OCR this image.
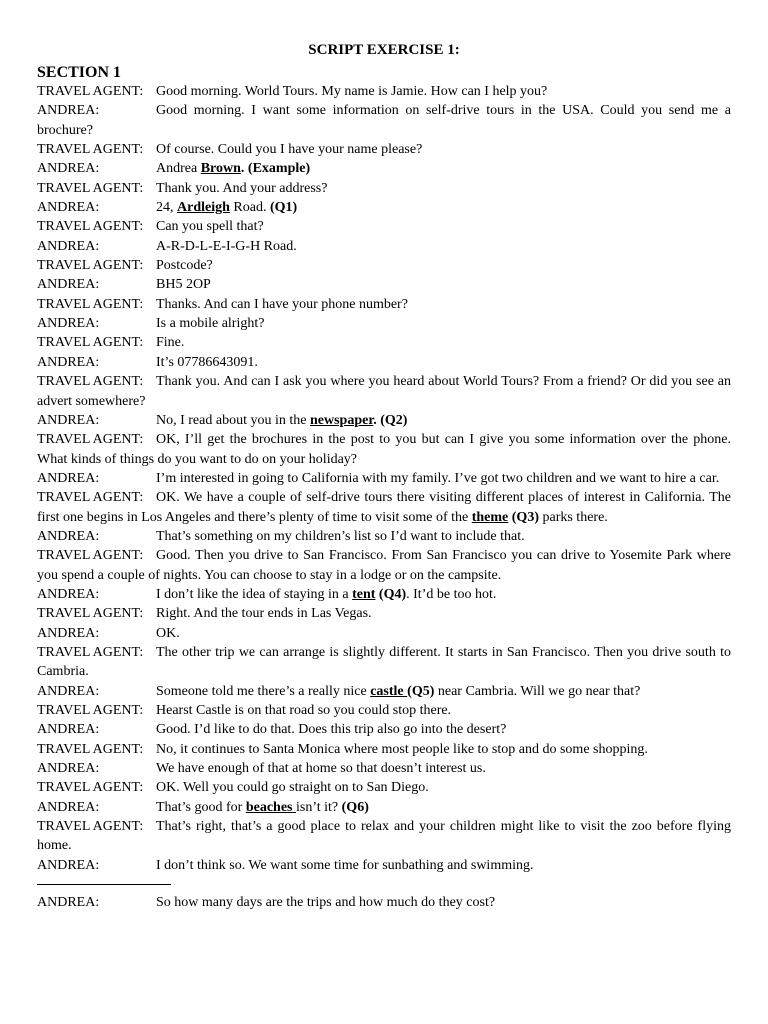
SCRIPT EXERCISE 1:
SECTION 1
TRAVEL AGENT: Good morning. World Tours. My name is Jamie. How can I help you?
ANDREA:	Good morning. I want some information on self-drive tours in the USA. Could you send me a brochure?
TRAVEL AGENT: Of course. Could you I have your name please?
ANDREA:	Andrea Brown. (Example)
TRAVEL AGENT: Thank you. And your address?
ANDREA:	24, Ardleigh Road. (Q1)
TRAVEL AGENT: Can you spell that?
ANDREA:	A-R-D-L-E-I-G-H Road.
TRAVEL AGENT: Postcode?
ANDREA:	BH5 2OP
TRAVEL AGENT: Thanks. And can I have your phone number?
ANDREA:	Is a mobile alright?
TRAVEL AGENT: Fine.
ANDREA:	It’s 07786643091.
TRAVEL AGENT: Thank you. And can I ask you where you heard about World Tours? From a friend? Or did you see an advert somewhere?
ANDREA:	No, I read about you in the newspaper. (Q2)
TRAVEL AGENT: OK, I’ll get the brochures in the post to you but can I give you some information over the phone. What kinds of things do you want to do on your holiday?
ANDREA:	I’m interested in going to California with my family. I’ve got two children and we want to hire a car.
TRAVEL AGENT: OK. We have a couple of self-drive tours there visiting different places of interest in California. The first one begins in Los Angeles and there’s plenty of time to visit some of the theme (Q3) parks there.
ANDREA:	That’s something on my children’s list so I’d want to include that.
TRAVEL AGENT: Good. Then you drive to San Francisco. From San Francisco you can drive to Yosemite Park where you spend a couple of nights. You can choose to stay in a lodge or on the campsite.
ANDREA:	I don’t like the idea of staying in a tent (Q4). It’d be too hot.
TRAVEL AGENT: Right. And the tour ends in Las Vegas.
ANDREA:	OK.
TRAVEL AGENT: The other trip we can arrange is slightly different. It starts in San Francisco. Then you drive south to Cambria.
ANDREA:	Someone told me there’s a really nice castle (Q5) near Cambria. Will we go near that?
TRAVEL AGENT: Hearst Castle is on that road so you could stop there.
ANDREA:	Good. I’d like to do that. Does this trip also go into the desert?
TRAVEL AGENT: No, it continues to Santa Monica where most people like to stop and do some shopping.
ANDREA:	We have enough of that at home so that doesn’t interest us.
TRAVEL AGENT: OK. Well you could go straight on to San Diego.
ANDREA:	That’s good for beaches isn’t it? (Q6)
TRAVEL AGENT: That’s right, that’s a good place to relax and your children might like to visit the zoo before flying home.
ANDREA:	I don’t think so. We want some time for sunbathing and swimming.
ANDREA:	So how many days are the trips and how much do they cost?
